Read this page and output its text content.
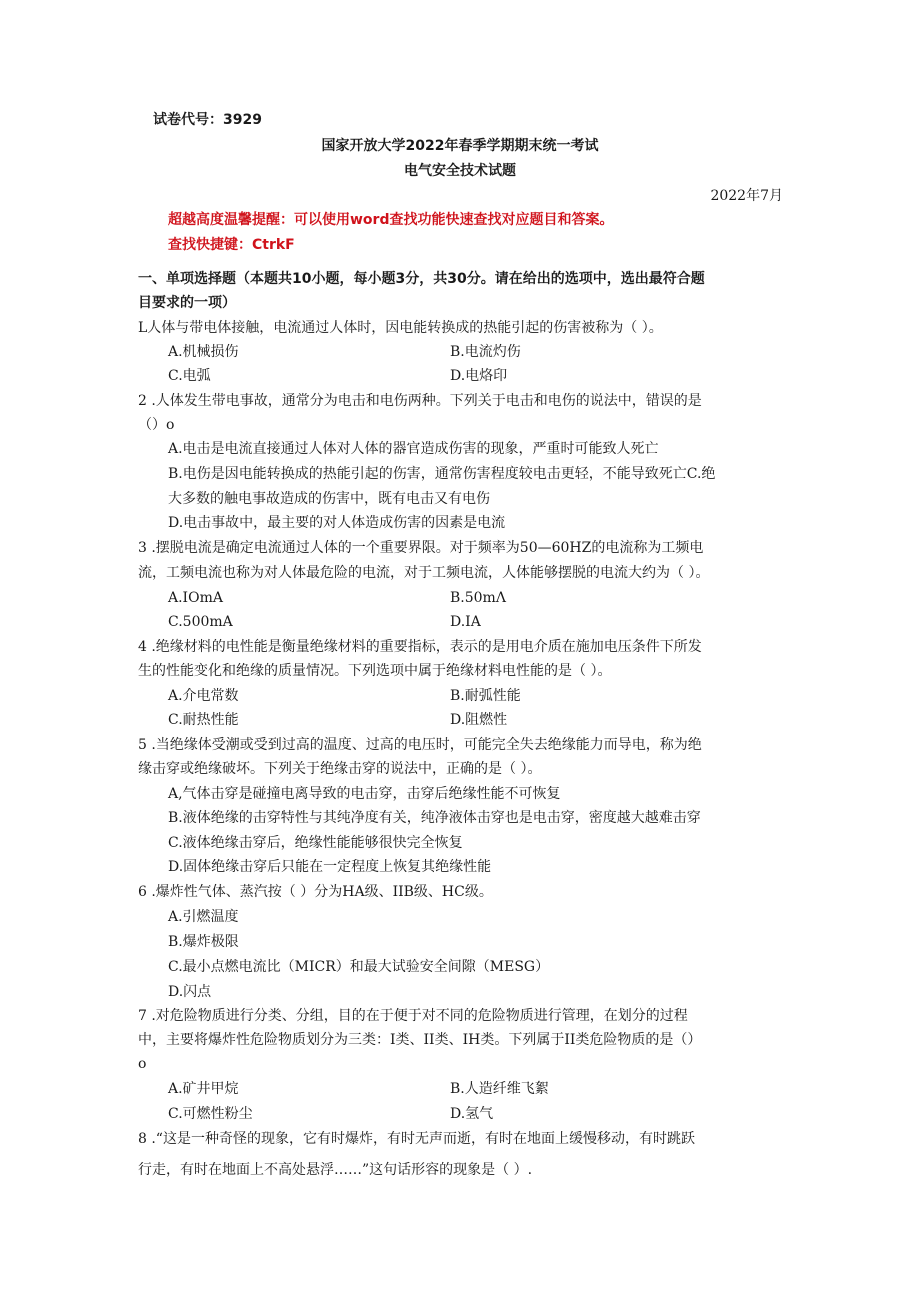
试卷代号：3929
国家开放大学2022年春季学期期末统一考试
电气安全技术试题
2022年7月
超越高度温馨提醒：可以使用word查找功能快速查找对应题目和答案。
查找快捷键：CtrkF
一、单项选择题（本题共10小题，每小题3分，共30分。请在给出的选项中，选出最符合题
目要求的一项）
L人体与带电体接触，电流通过人体时，因电能转换成的热能引起的伤害被称为（ ）。
A.机械损伤	B.电流灼伤
C.电弧	D.电烙印
2 .人体发生带电事故，通常分为电击和电伤两种。下列关于电击和电伤的说法中，错误的是
（）o
A.电击是电流直接通过人体对人体的器官造成伤害的现象，严重时可能致人死亡
B.电伤是因电能转换成的热能引起的伤害，通常伤害程度较电击更轻，不能导致死亡C.绝
大多数的触电事故造成的伤害中，既有电击又有电伤
D.电击事故中，最主要的对人体造成伤害的因素是电流
3 .摆脱电流是确定电流通过人体的一个重要界限。对于频率为50—60HZ的电流称为工频电
流，工频电流也称为对人体最危险的电流，对于工频电流，人体能够摆脱的电流大约为（ ）。
A.IOmA	B.50mΛ
C.500mA	D.IA
4 .绝缘材料的电性能是衡量绝缘材料的重要指标，表示的是用电介质在施加电压条件下所发
生的性能变化和绝缘的质量情况。下列选项中属于绝缘材料电性能的是（ ）。
A.介电常数	B.耐弧性能
C.耐热性能	D.阻燃性
5 .当绝缘体受潮或受到过高的温度、过高的电压时，可能完全失去绝缘能力而导电，称为绝
缘击穿或绝缘破坏。下列关于绝缘击穿的说法中，正确的是（ ）。
A,气体击穿是碰撞电离导致的电击穿，击穿后绝缘性能不可恢复
B.液体绝缘的击穿特性与其纯净度有关，纯净液体击穿也是电击穿，密度越大越难击穿
C.液体绝缘击穿后，绝缘性能能够很快完全恢复
D.固体绝缘击穿后只能在一定程度上恢复其绝缘性能
6 .爆炸性气体、蒸汽按（ ）分为HA级、IIB级、HC级。
A.引燃温度
B.爆炸极限
C.最小点燃电流比（MICR）和最大试验安全间隙（MESG）
D.闪点
7 .对危险物质进行分类、分组，目的在于便于对不同的危险物质进行管理，在划分的过程
中，主要将爆炸性危险物质划分为三类：I类、II类、IH类。下列属于II类危险物质的是（）
o
A.矿井甲烷	B.人造纤维飞絮
C.可燃性粉尘	D.氢气
8 .“这是一种奇怪的现象，它有时爆炸，有时无声而逝，有时在地面上缓慢移动，有时跳跃
行走，有时在地面上不高处悬浮……”这句话形容的现象是（ ）.
